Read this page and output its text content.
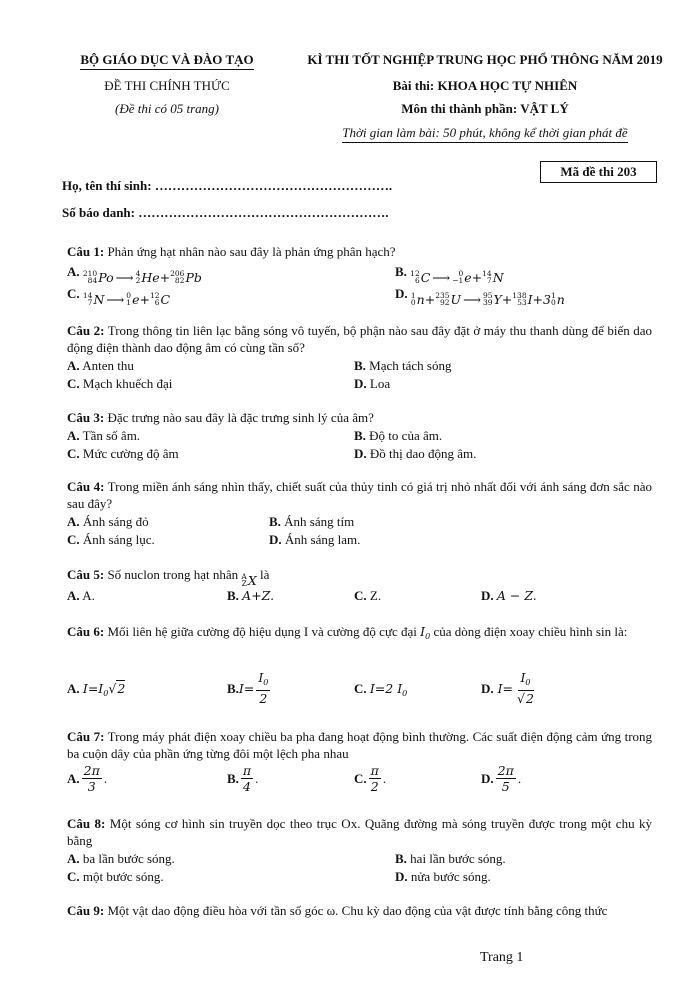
BỘ GIÁO DỤC VÀ ĐÀO TẠO
ĐỀ THI CHÍNH THỨC
(Đề thi có 05 trang)
KÌ THI TỐT NGHIỆP TRUNG HỌC PHỔ THÔNG NĂM 2019
Bài thi: KHOA HỌC TỰ NHIÊN
Môn thi thành phần: VẬT LÝ
Thời gian làm bài: 50 phút, không kể thời gian phát đề
Mã đề thi 203
Họ, tên thí sinh: ……………………………………………….
Số báo danh: ………………………………………………….
Câu 1: Phản ứng hạt nhân nào sau đây là phản ứng phân hạch?
A. 210
84 Po ⟶ 4
2 He+ 206
82 Pb	B. 12
6 C ⟶	0
−1 e+ 14
7 N
C. 14
7 N ⟶ 0
1 e+ 12
6 C	D. 1
0 n+ 235
92 U ⟶ 95
39 Y+ 138
53 I+3 1
0 n
Câu 2: Trong thông tin liên lạc bằng sóng vô tuyến, bộ phận nào sau đây đặt ở máy thu thanh dùng để biến dao động điện thành dao động âm có cùng tần số?
A. Anten thu	B. Mạch tách sóng
C. Mạch khuếch đại	D. Loa
Câu 3: Đặc trưng nào sau đây là đặc trưng sinh lý của âm?
A. Tần số âm.	B. Độ to của âm.
C. Mức cường độ âm	D. Đồ thị dao động âm.
Câu 4: Trong miền ánh sáng nhìn thấy, chiết suất của thủy tinh có giá trị nhỏ nhất đối với ánh sáng đơn sắc nào sau đây?
A. Ánh sáng đỏ	B. Ánh sáng tím
C. Ánh sáng lục.	D. Ánh sáng lam.
Câu 5: Số nuclon trong hạt nhân A
Z X là
A. A.	B. A+Z.	C. Z.	D. A − Z.
Câu 6: Mối liên hệ giữa cường độ hiệu dụng I và cường độ cực đại $I_0$ của dòng điện xoay chiều hình sin là:
A. $I=I_0√2$	B. $I= \frac{I_0}{2}$	C. I=2 $I_0$	D. $I= \frac{I_0}{√2}$
Câu 7: Trong máy phát điện xoay chiều ba pha đang hoạt động bình thường. Các suất điện động cảm ứng trong ba cuộn dây của phần ứng từng đôi một lệch pha nhau
A. $\frac{2\pi}{3}$ .	B. $\frac{\pi}{4}$ .	C. $\frac{\pi}{2}$ .	D. $\frac{2\pi}{5}$ .
Câu 8: Một sóng cơ hình sin truyền dọc theo trục Ox. Quãng đường mà sóng truyền được trong một chu kỳ bằng
A. ba lần bước sóng.	B. hai lần bước sóng.
C. một bước sóng.	D. nửa bước sóng.
Câu 9: Một vật dao động điều hòa với tần số góc ω. Chu kỳ dao động của vật được tính bằng công thức
Trang 1
